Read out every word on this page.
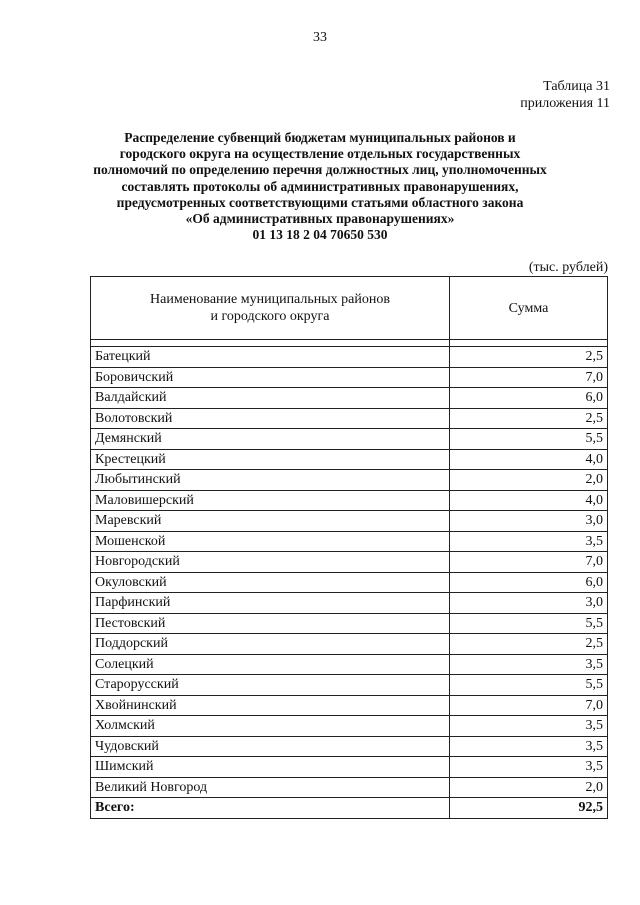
33
Таблица 31
приложения 11
Распределение субвенций бюджетам муниципальных районов и
городского округа на осуществление отдельных государственных
полномочий по определению перечня должностных лиц, уполномоченных
составлять протоколы об административных правонарушениях,
предусмотренных соответствующими статьями областного закона
«Об административных правонарушениях»
01 13 18 2 04 70650 530
(тыс. рублей)
Наименование муниципальных районов
и городского округа	Сумма

Батецкий	2,5
Боровичский	7,0
Валдайский	6,0
Волотовский	2,5
Демянский	5,5
Крестецкий	4,0
Любытинский	2,0
Маловишерский	4,0
Маревский	3,0
Мошенской	3,5
Новгородский	7,0
Окуловский	6,0
Парфинский	3,0
Пестовский	5,5
Поддорский	2,5
Солецкий	3,5
Старорусский	5,5
Хвойнинский	7,0
Холмский	3,5
Чудовский	3,5
Шимский	3,5
Великий Новгород	2,0
Всего:	92,5
